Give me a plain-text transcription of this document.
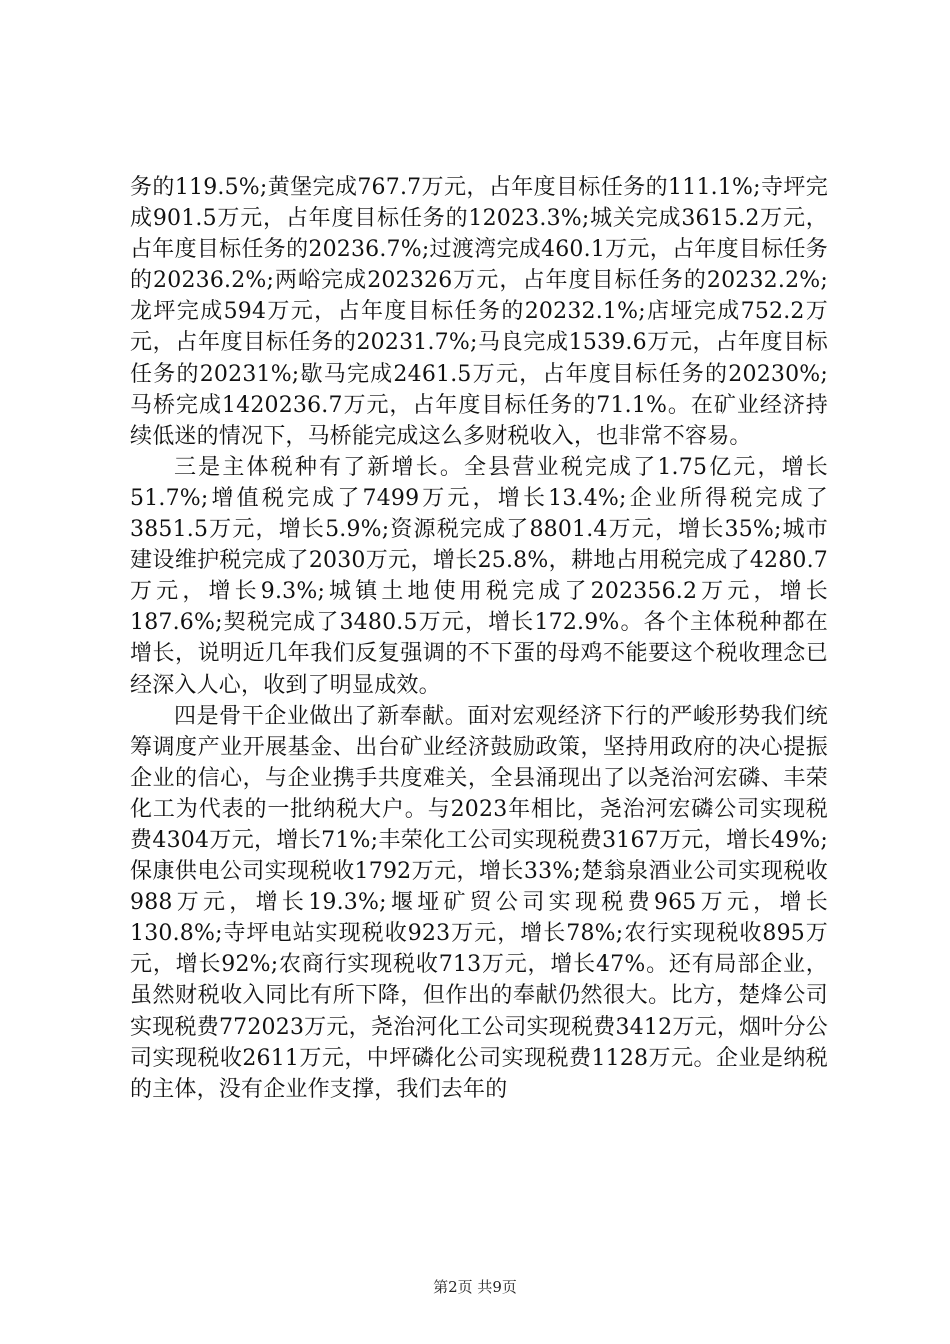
务的119.5%;黄堡完成767.7万元，占年度目标任务的111.1%;寺坪完成901.5万元，占年度目标任务的12023.3%;城关完成3615.2万元，占年度目标任务的20236.7%;过渡湾完成460.1万元，占年度目标任务的20236.2%;两峪完成202326万元，占年度目标任务的20232.2%;龙坪完成594万元，占年度目标任务的20232.1%;店垭完成752.2万元，占年度目标任务的20231.7%;马良完成1539.6万元，占年度目标任务的20231%;歇马完成2461.5万元，占年度目标任务的20230%;马桥完成1420236.7万元，占年度目标任务的71.1%。在矿业经济持续低迷的情况下，马桥能完成这么多财税收入，也非常不容易。

三是主体税种有了新增长。全县营业税完成了1.75亿元，增长51.7%;增值税完成了7499万元，增长13.4%;企业所得税完成了3851.5万元，增长5.9%;资源税完成了8801.4万元，增长35%;城市建设维护税完成了2030万元，增长25.8%，耕地占用税完成了4280.7万元，增长9.3%;城镇土地使用税完成了202356.2万元，增长187.6%;契税完成了3480.5万元，增长172.9%。各个主体税种都在增长，说明近几年我们反复强调的不下蛋的母鸡不能要这个税收理念已经深入人心，收到了明显成效。

四是骨干企业做出了新奉献。面对宏观经济下行的严峻形势我们统筹调度产业开展基金、出台矿业经济鼓励政策，坚持用政府的决心提振企业的信心，与企业携手共度难关，全县涌现出了以尧治河宏磷、丰荣化工为代表的一批纳税大户。与2023年相比，尧治河宏磷公司实现税费4304万元，增长71%;丰荣化工公司实现税费3167万元，增长49%;保康供电公司实现税收1792万元，增长33%;楚翁泉酒业公司实现税收988万元，增长19.3%;堰垭矿贸公司实现税费965万元，增长130.8%;寺坪电站实现税收923万元，增长78%;农行实现税收895万元，增长92%;农商行实现税收713万元，增长47%。还有局部企业，虽然财税收入同比有所下降，但作出的奉献仍然很大。比方，楚烽公司实现税费772023万元，尧治河化工公司实现税费3412万元，烟叶分公司实现税收2611万元，中坪磷化公司实现税费1128万元。企业是纳税的主体，没有企业作支撑，我们去年的

第2页 共9页
